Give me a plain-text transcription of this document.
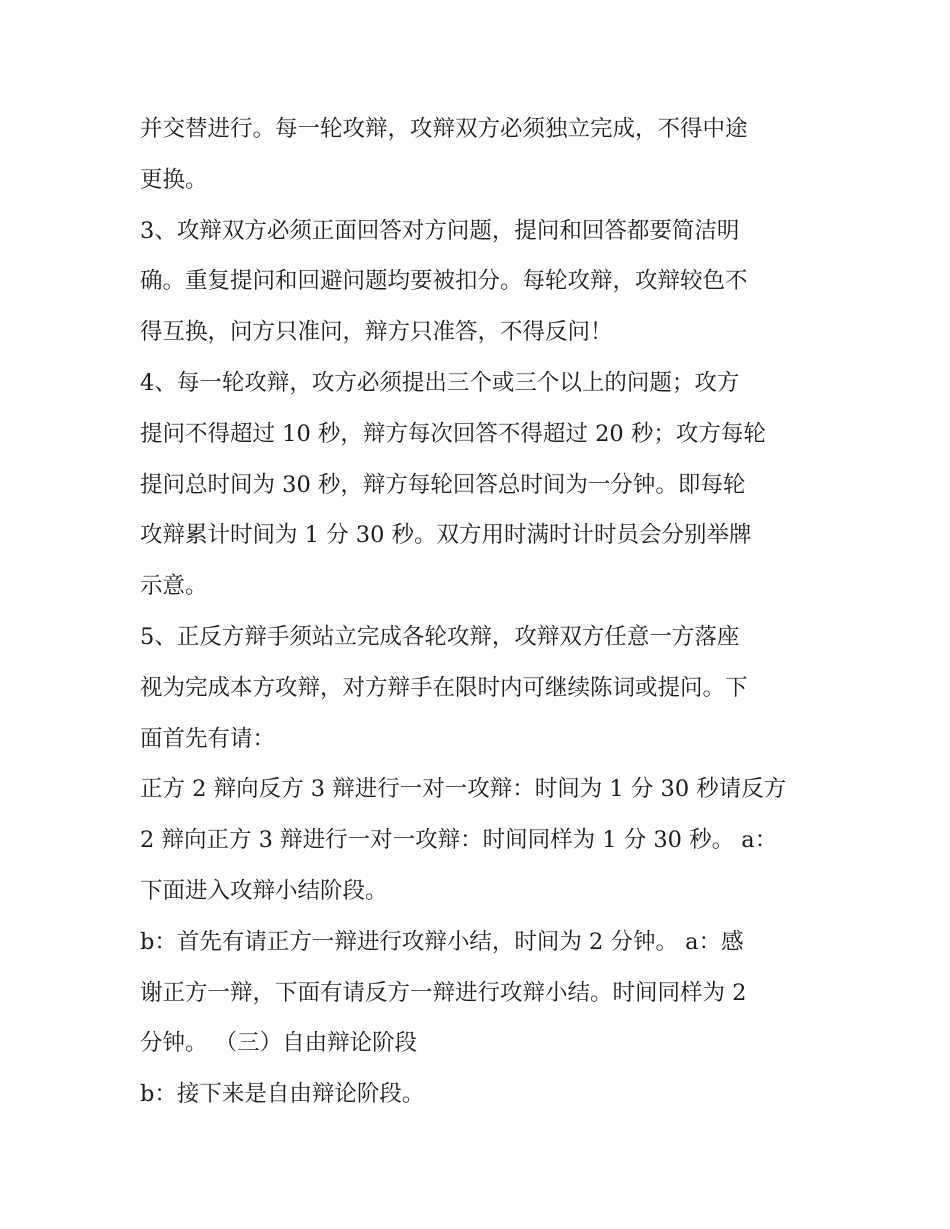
并交替进行。每一轮攻辩，攻辩双方必须独立完成，不得中途
更换。
3、攻辩双方必须正面回答对方问题，提问和回答都要简洁明
确。重复提问和回避问题均要被扣分。每轮攻辩，攻辩较色不
得互换，问方只准问，辩方只准答，不得反问！
4、每一轮攻辩，攻方必须提出三个或三个以上的问题；攻方
提问不得超过 10 秒，辩方每次回答不得超过 20 秒；攻方每轮
提问总时间为 30 秒，辩方每轮回答总时间为一分钟。即每轮
攻辩累计时间为 1 分 30 秒。双方用时满时计时员会分别举牌
示意。
5、正反方辩手须站立完成各轮攻辩，攻辩双方任意一方落座
视为完成本方攻辩，对方辩手在限时内可继续陈词或提问。下
面首先有请：
正方 2 辩向反方 3 辩进行一对一攻辩：时间为 1 分 30 秒请反方
2 辩向正方 3 辩进行一对一攻辩：时间同样为 1 分 30 秒。 a：
下面进入攻辩小结阶段。
b：首先有请正方一辩进行攻辩小结，时间为 2 分钟。 a：感
谢正方一辩，下面有请反方一辩进行攻辩小结。时间同样为 2
分钟。 （三）自由辩论阶段
b：接下来是自由辩论阶段。
